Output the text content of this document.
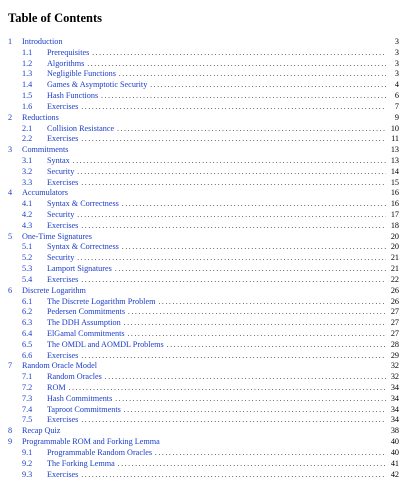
Table of Contents
1	Introduction	3
1.1	Prerequisites . . .	3
1.2	Algorithms . . .	3
1.3	Negligible Functions . . .	3
1.4	Games & Asymptotic Security . . .	4
1.5	Hash Functions . . .	6
1.6	Exercises . . .	7
2	Reductions	9
2.1	Collision Resistance . . .	10
2.2	Exercises . . .	11
3	Commitments	13
3.1	Syntax . . .	13
3.2	Security . . .	14
3.3	Exercises . . .	15
4	Accumulators	16
4.1	Syntax & Correctness . . .	16
4.2	Security . . .	17
4.3	Exercises . . .	18
5	One-Time Signatures	20
5.1	Syntax & Correctness . . .	20
5.2	Security . . .	21
5.3	Lamport Signatures . . .	21
5.4	Exercises . . .	22
6	Discrete Logarithm	26
6.1	The Discrete Logarithm Problem . . .	26
6.2	Pedersen Commitments . . .	27
6.3	The DDH Assumption . . .	27
6.4	ElGamal Commitments . . .	27
6.5	The OMDL and AOMDL Problems . . .	28
6.6	Exercises . . .	29
7	Random Oracle Model	32
7.1	Random Oracles . . .	32
7.2	ROM . . .	34
7.3	Hash Commitments . . .	34
7.4	Taproot Commitments . . .	34
7.5	Exercises . . .	34
8	Recap Quiz	38
9	Programmable ROM and Forking Lemma	40
9.1	Programmable Random Oracles . . .	40
9.2	The Forking Lemma . . .	41
9.3	Exercises . . .	42
